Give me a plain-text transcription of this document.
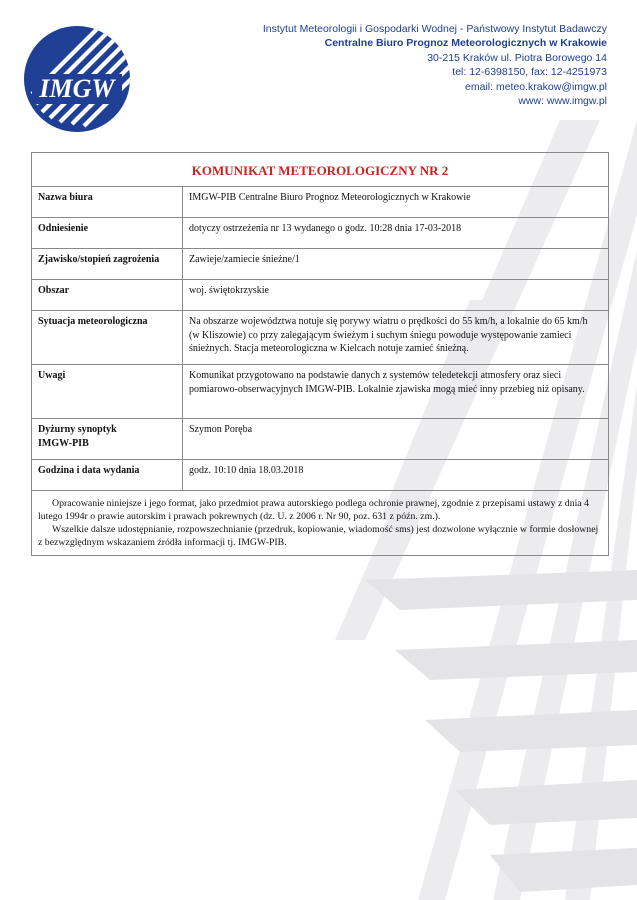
IMGW
Instytut Meteorologii i Gospodarki Wodnej - Państwowy Instytut Badawczy
Centralne Biuro Prognoz Meteorologicznych w Krakowie
30-215 Kraków ul. Piotra Borowego 14
tel: 12-6398150, fax: 12-4251973
email: meteo.krakow@imgw.pl
www: www.imgw.pl
KOMUNIKAT METEOROLOGICZNY NR 2
Nazwa biura	IMGW-PIB Centralne Biuro Prognoz Meteorologicznych w Krakowie
Odniesienie	dotyczy ostrzeżenia nr 13 wydanego o godz. 10:28 dnia 17-03-2018
Zjawisko/stopień zagrożenia	Zawieje/zamiecie śnieżne/1
Obszar	woj. świętokrzyskie
Sytuacja meteorologiczna	Na obszarze województwa notuje się porywy wiatru o prędkości do 55 km/h, a lokalnie do 65 km/h (w Kliszowie) co przy zalegającym świeżym i suchym śniegu powoduje występowanie zamieci śnieżnych. Stacja meteorologiczna w Kielcach notuje zamieć śnieżną.
Uwagi	Komunikat przygotowano na podstawie danych z systemów teledetekcji atmosfery oraz sieci pomiarowo-obserwacyjnych IMGW-PIB. Lokalnie zjawiska mogą mieć inny przebieg niż opisany.
Dyżurny synoptyk IMGW-PIB	Szymon Poręba
Godzina i data wydania	godz. 10:10 dnia 18.03.2018

Opracowanie niniejsze i jego format, jako przedmiot prawa autorskiego podlega ochronie prawnej, zgodnie z przepisami ustawy z dnia 4 lutego 1994r o prawie autorskim i prawach pokrewnych (dz. U. z 2006 r. Nr 90, poz. 631 z późn. zm.).

Wszelkie dalsze udostępnianie, rozpowszechnianie (przedruk, kopiowanie, wiadomość sms) jest dozwolone wyłącznie w formie dosłownej z bezwzględnym wskazaniem źródła informacji tj. IMGW-PIB.
